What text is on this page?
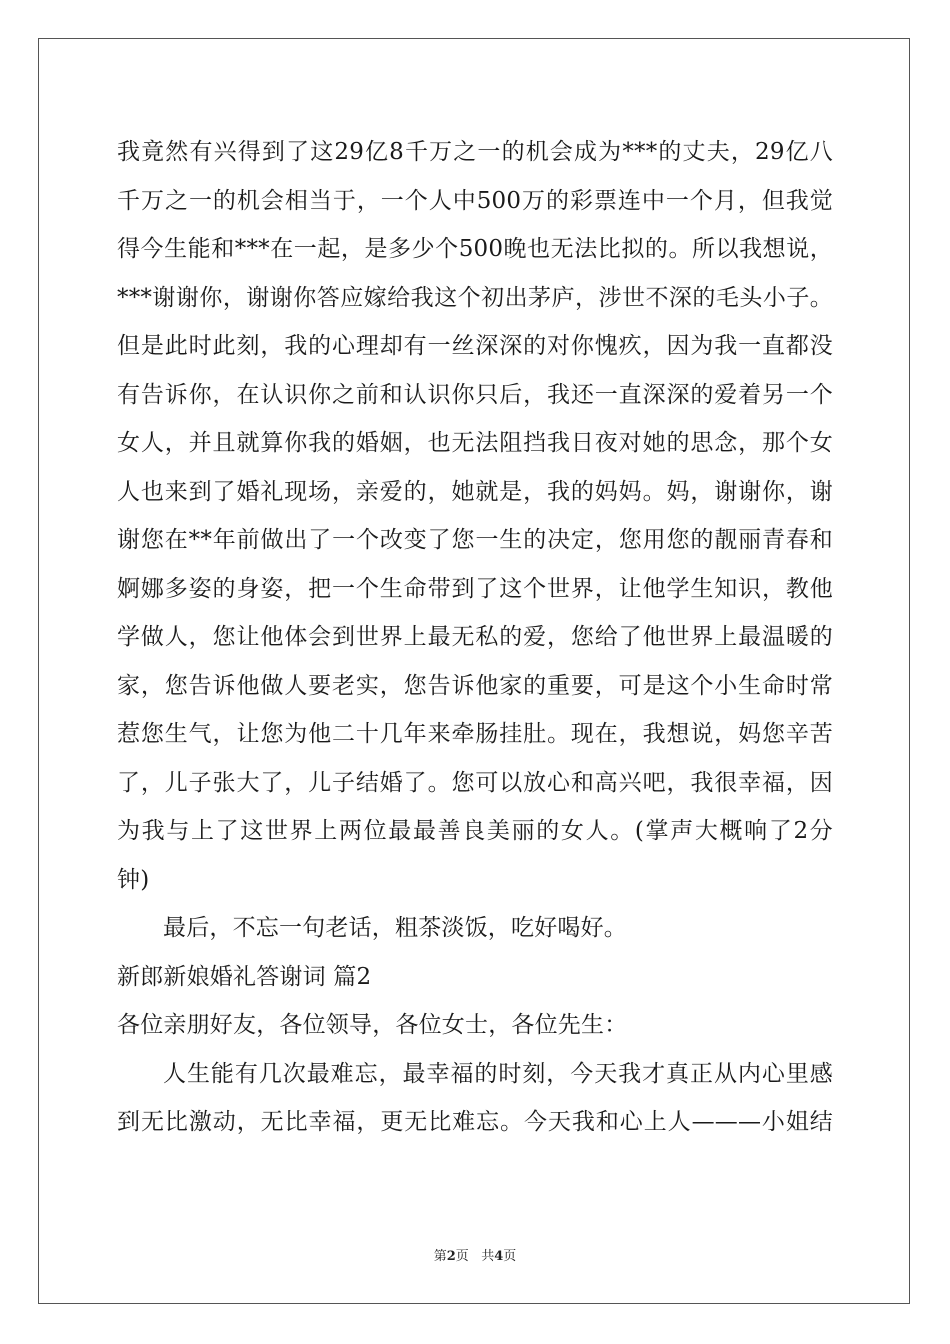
我竟然有兴得到了这29亿8千万之一的机会成为***的丈夫，29亿八
千万之一的机会相当于，一个人中500万的彩票连中一个月，但我觉
得今生能和***在一起，是多少个500晚也无法比拟的。所以我想说，
***谢谢你，谢谢你答应嫁给我这个初出茅庐，涉世不深的毛头小子。
但是此时此刻，我的心理却有一丝深深的对你愧疚，因为我一直都没
有告诉你，在认识你之前和认识你只后，我还一直深深的爱着另一个
女人，并且就算你我的婚姻，也无法阻挡我日夜对她的思念，那个女
人也来到了婚礼现场，亲爱的，她就是，我的妈妈。妈，谢谢你，谢
谢您在**年前做出了一个改变了您一生的决定，您用您的靓丽青春和
婀娜多姿的身姿，把一个生命带到了这个世界，让他学生知识，教他
学做人，您让他体会到世界上最无私的爱，您给了他世界上最温暖的
家，您告诉他做人要老实，您告诉他家的重要，可是这个小生命时常
惹您生气，让您为他二十几年来牵肠挂肚。现在，我想说，妈您辛苦
了，儿子张大了，儿子结婚了。您可以放心和高兴吧，我很幸福，因
为我与上了这世界上两位最最善良美丽的女人。(掌声大概响了2分
钟)
最后，不忘一句老话，粗茶淡饭，吃好喝好。
新郎新娘婚礼答谢词 篇2
各位亲朋好友，各位领导，各位女士，各位先生：
人生能有几次最难忘，最幸福的时刻，今天我才真正从内心里感
到无比激动，无比幸福，更无比难忘。今天我和心上人———小姐结
第2页 共4页
